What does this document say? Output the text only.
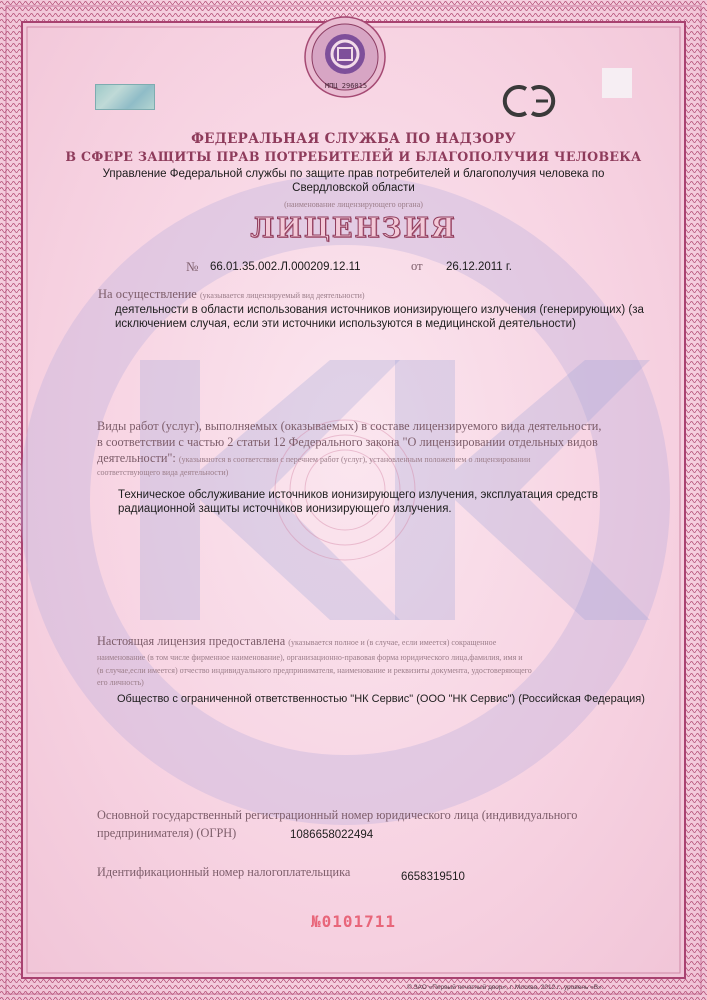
МПЦ 296015
ФЕДЕРАЛЬНАЯ СЛУЖБА ПО НАДЗОРУ
В СФЕРЕ ЗАЩИТЫ ПРАВ ПОТРЕБИТЕЛЕЙ И БЛАГОПОЛУЧИЯ ЧЕЛОВЕКА
Управление Федеральной службы по защите прав потребителей и благополучия человека по
Свердловской области
(наименование лицензирующего органа)
ЛИЦЕНЗИЯ
№ 66.01.35.002.Л.000209.12.11	от 26.12.2011 г.
На осуществление (указывается лицензируемый вид деятельности)
деятельности в области использования источников ионизирующего излучения (генерирующих) (за
исключением случая, если эти источники используются в медицинской деятельности)
Виды работ (услуг), выполняемых (оказываемых) в составе лицензируемого вида деятельности,
в соответствии с частью 2 статьи 12 Федерального закона "О лицензировании отдельных видов
деятельности": (указываются в соответствии с перечнем работ (услуг), установленным положением о лицензировании
соответствующего вида деятельности)
Техническое обслуживание источников ионизирующего излучения, эксплуатация средств
радиационной защиты источников ионизирующего излучения.
Настоящая лицензия предоставлена (указывается полное и (в случае, если имеется) сокращенное
наименование (в том числе фирменное наименование), организационно-правовая форма юридического лица,фамилия, имя и
(в случае,если имеется) отчество индивидуального предпринимателя, наименование и реквизиты документа, удостоверяющего
его личность)
Общество с ограниченной ответственностью "НК Сервис" (ООО "НК Сервис") (Российская Федерация)
Основной государственный регистрационный номер юридического лица (индивидуального
предпринимателя) (ОГРН)	1086658022494
Идентификационный номер налогоплательщика	6658319510
№0101711
© ЗАО «Первый печатный двор», г. Москва, 2012 г., уровень «В».
